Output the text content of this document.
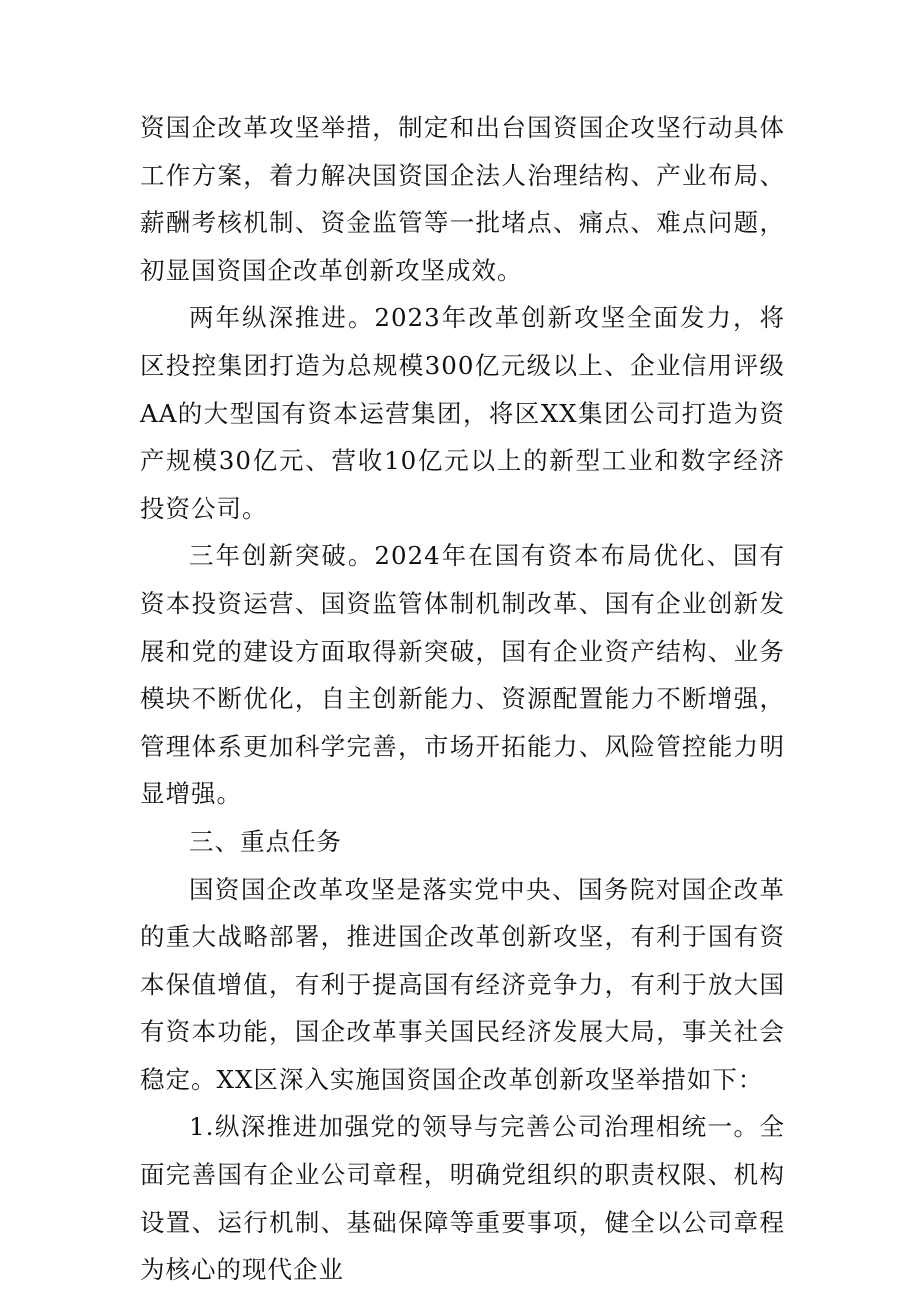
资国企改革攻坚举措，制定和出台国资国企攻坚行动具体工作方案，着力解决国资国企法人治理结构、产业布局、薪酬考核机制、资金监管等一批堵点、痛点、难点问题，初显国资国企改革创新攻坚成效。

两年纵深推进。2023年改革创新攻坚全面发力，将区投控集团打造为总规模300亿元级以上、企业信用评级AA的大型国有资本运营集团，将区XX集团公司打造为资产规模30亿元、营收10亿元以上的新型工业和数字经济投资公司。

三年创新突破。2024年在国有资本布局优化、国有资本投资运营、国资监管体制机制改革、国有企业创新发展和党的建设方面取得新突破，国有企业资产结构、业务模块不断优化，自主创新能力、资源配置能力不断增强，管理体系更加科学完善，市场开拓能力、风险管控能力明显增强。

三、重点任务

国资国企改革攻坚是落实党中央、国务院对国企改革的重大战略部署，推进国企改革创新攻坚，有利于国有资本保值增值，有利于提高国有经济竞争力，有利于放大国有资本功能，国企改革事关国民经济发展大局，事关社会稳定。XX区深入实施国资国企改革创新攻坚举措如下：

1.纵深推进加强党的领导与完善公司治理相统一。全面完善国有企业公司章程，明确党组织的职责权限、机构设置、运行机制、基础保障等重要事项，健全以公司章程为核心的现代企业
